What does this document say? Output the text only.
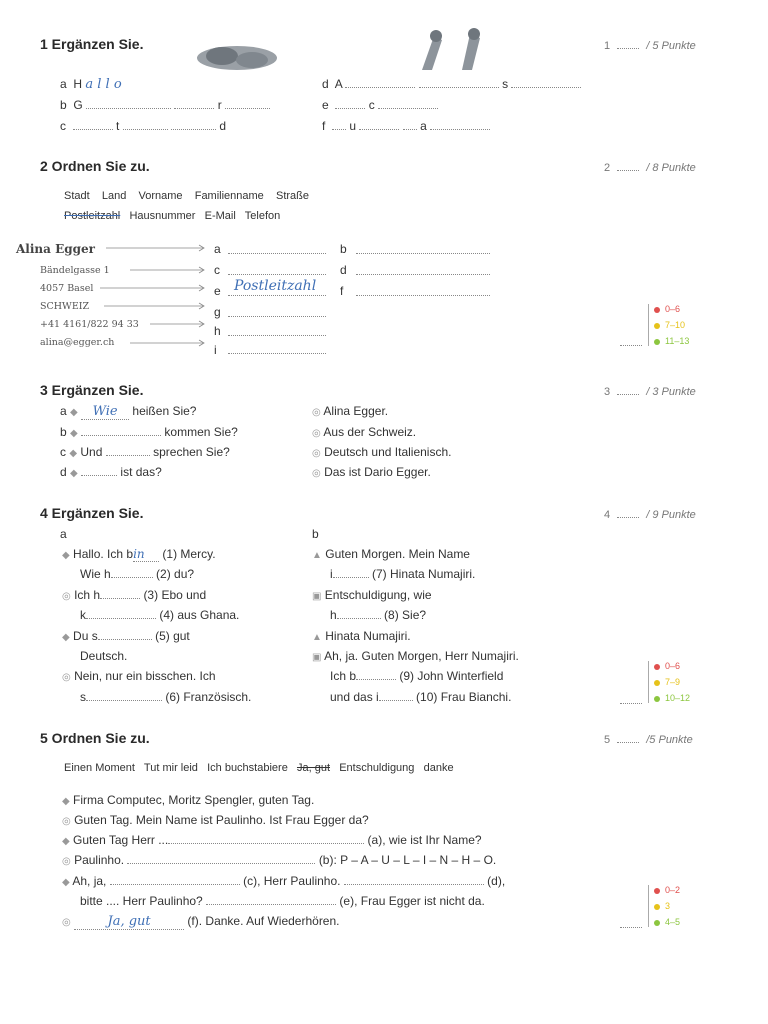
1 Ergänzen Sie.	1	/ 5 Punkte
a H a l l o
b G	r
c	t	d
d A	s
e	c
f u	a
2 Ordnen Sie zu.	2	/ 8 Punkte
Stadt Land Vorname Familienname Straße
Postleitzahl Hausnummer E-Mail Telefon
Alina Egger
Bändelgasse 1
4057 Basel
SCHWEIZ
+41 4161/822 94 33
alina@egger.ch
a	b
c	d
e Postleitzahl f
g
h
i
0–6
7–10
11–13
3 Ergänzen Sie.	3	/ 3 Punkte
a ◆ Wie heißen Sie?
b ◆	kommen Sie?
c ◆ Und	sprechen Sie?
d ◆	ist das?
◎ Alina Egger.
◎ Aus der Schweiz.
◎ Deutsch und Italienisch.
◎ Das ist Dario Egger.
4 Ergänzen Sie.	4	/ 9 Punkte
a	b
◆ Hallo. Ich bin (1) Mercy.
Wie h	(2) du?
◎ Ich h	(3) Ebo und
k	(4) aus Ghana.
◆ Du s	(5) gut
Deutsch.
◎ Nein, nur ein bisschen. Ich
s	(6) Französisch.
▲ Guten Morgen. Mein Name
i	(7) Hinata Numajiri.
▣ Entschuldigung, wie
h	(8) Sie?
▲ Hinata Numajiri.
▣ Ah, ja. Guten Morgen, Herr Numajiri.
Ich b	(9) John Winterfield
und das i	(10) Frau Bianchi.
0–6
7–9
10–12
5 Ordnen Sie zu.	5	/5 Punkte
Einen Moment Tut mir leid Ich buchstabiere Ja, gut Entschuldigung danke
◆ Firma Computec, Moritz Spengler, guten Tag.
◎ Guten Tag. Mein Name ist Paulinho. Ist Frau Egger da?
◆ Guten Tag Herr ...	(a), wie ist Ihr Name?
◎ Paulinho.	(b): P – A – U – L – I – N – H – O.
◆ Ah, ja,	(c), Herr Paulinho.	(d),
bitte .... Herr Paulinho?	(e), Frau Egger ist nicht da.
◎	Ja, gut	(f). Danke. Auf Wiederhören.
0–2
3
4–5
